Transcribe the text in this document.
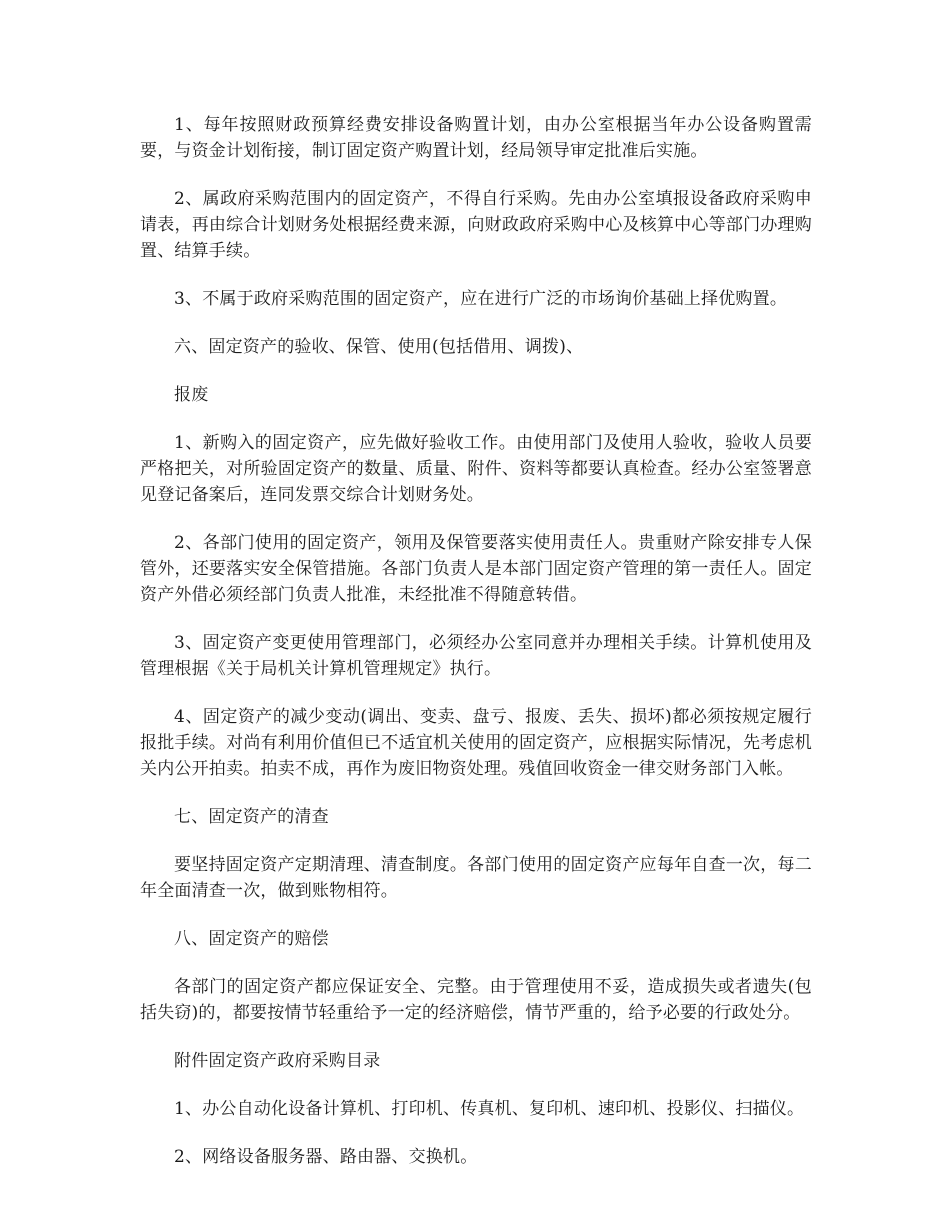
1、每年按照财政预算经费安排设备购置计划，由办公室根据当年办公设备购置需要，与资金计划衔接，制订固定资产购置计划，经局领导审定批准后实施。

2、属政府采购范围内的固定资产，不得自行采购。先由办公室填报设备政府采购申请表，再由综合计划财务处根据经费来源，向财政政府采购中心及核算中心等部门办理购置、结算手续。

3、不属于政府采购范围的固定资产，应在进行广泛的市场询价基础上择优购置。

六、固定资产的验收、保管、使用(包括借用、调拨)、

报废

1、新购入的固定资产，应先做好验收工作。由使用部门及使用人验收，验收人员要严格把关，对所验固定资产的数量、质量、附件、资料等都要认真检查。经办公室签署意见登记备案后，连同发票交综合计划财务处。

2、各部门使用的固定资产，领用及保管要落实使用责任人。贵重财产除安排专人保管外，还要落实安全保管措施。各部门负责人是本部门固定资产管理的第一责任人。固定资产外借必须经部门负责人批准，未经批准不得随意转借。

3、固定资产变更使用管理部门，必须经办公室同意并办理相关手续。计算机使用及管理根据《关于局机关计算机管理规定》执行。

4、固定资产的减少变动(调出、变卖、盘亏、报废、丢失、损坏)都必须按规定履行报批手续。对尚有利用价值但已不适宜机关使用的固定资产，应根据实际情况，先考虑机关内公开拍卖。拍卖不成，再作为废旧物资处理。残值回收资金一律交财务部门入帐。

七、固定资产的清查

要坚持固定资产定期清理、清查制度。各部门使用的固定资产应每年自查一次，每二年全面清查一次，做到账物相符。

八、固定资产的赔偿

各部门的固定资产都应保证安全、完整。由于管理使用不妥，造成损失或者遗失(包括失窃)的，都要按情节轻重给予一定的经济赔偿，情节严重的，给予必要的行政处分。

附件固定资产政府采购目录

1、办公自动化设备计算机、打印机、传真机、复印机、速印机、投影仪、扫描仪。

2、网络设备服务器、路由器、交换机。
